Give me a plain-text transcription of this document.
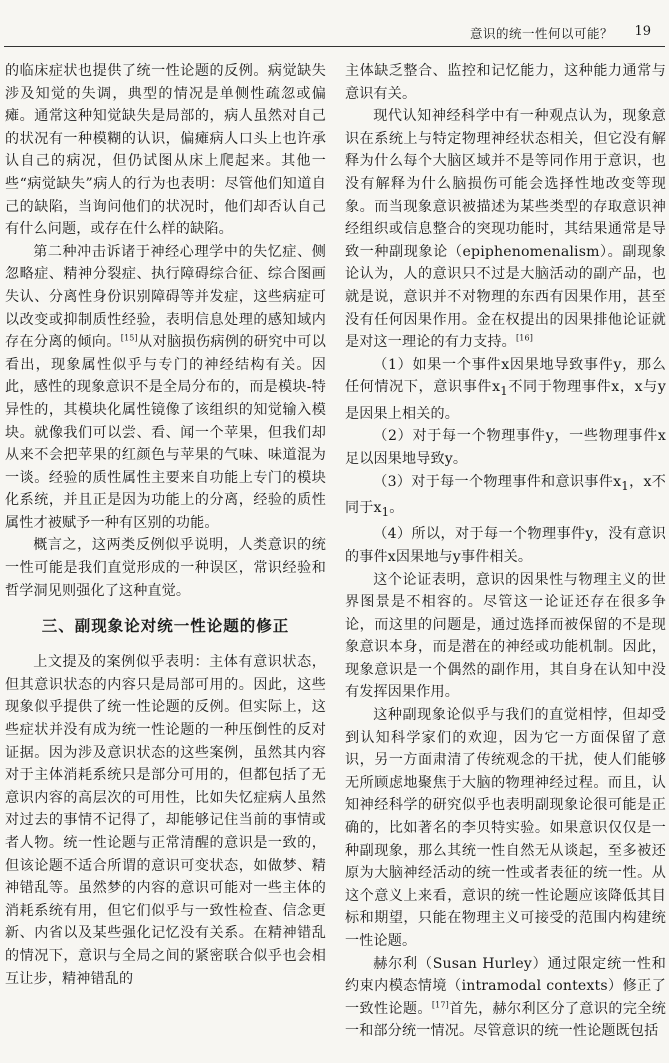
意识的统一性何以可能？ 19

的临床症状也提供了统一性论题的反例。病觉缺失涉及知觉的失调，典型的情况是单侧性疏忽或偏瘫。通常这种知觉缺失是局部的，病人虽然对自己的状况有一种模糊的认识，偏瘫病人口头上也许承认自己的病况，但仍试图从床上爬起来。其他一些“病觉缺失”病人的行为也表明：尽管他们知道自己的缺陷，当询问他们的状况时，他们却否认自己有什么问题，或存在什么样的缺陷。

第二种冲击诉诸于神经心理学中的失忆症、侧忽略症、精神分裂症、执行障碍综合征、综合图画失认、分离性身份识别障碍等并发症，这些病症可以改变或抑制质性经验，表明信息处理的感知域内存在分离的倾向。[15]从对脑损伤病例的研究中可以看出，现象属性似乎与专门的神经结构有关。因此，感性的现象意识不是全局分布的，而是模块-特异性的，其模块化属性镜像了该组织的知觉输入模块。就像我们可以尝、看、闻一个苹果，但我们却从来不会把苹果的红颜色与苹果的气味、味道混为一谈。经验的质性属性主要来自功能上专门的模块化系统，并且正是因为功能上的分离，经验的质性属性才被赋予一种有区别的功能。

概言之，这两类反例似乎说明，人类意识的统一性可能是我们直觉形成的一种误区，常识经验和哲学洞见则强化了这种直觉。

三、副现象论对统一性论题的修正

上文提及的案例似乎表明：主体有意识状态，但其意识状态的内容只是局部可用的。因此，这些现象似乎提供了统一性论题的反例。但实际上，这些症状并没有成为统一性论题的一种压倒性的反对证据。因为涉及意识状态的这些案例，虽然其内容对于主体消耗系统只是部分可用的，但都包括了无意识内容的高层次的可用性，比如失忆症病人虽然对过去的事情不记得了，却能够记住当前的事情或者人物。统一性论题与正常清醒的意识是一致的，但该论题不适合所谓的意识可变状态，如做梦、精神错乱等。虽然梦的内容的意识可能对一些主体的消耗系统有用，但它们似乎与一致性检查、信念更新、内省以及某些强化记忆没有关系。在精神错乱的情况下，意识与全局之间的紧密联合似乎也会相互让步，精神错乱的

主体缺乏整合、监控和记忆能力，这种能力通常与意识有关。

现代认知神经科学中有一种观点认为，现象意识在系统上与特定物理神经状态相关，但它没有解释为什么每个大脑区域并不是等同作用于意识，也没有解释为什么脑损伤可能会选择性地改变等现象。而当现象意识被描述为某些类型的存取意识神经组织或信息整合的突现功能时，其结果通常是导致一种副现象论（epiphenomenalism）。副现象论认为，人的意识只不过是大脑活动的副产品，也就是说，意识并不对物理的东西有因果作用，甚至没有任何因果作用。金在权提出的因果排他论证就是对这一理论的有力支持。[16]

（1）如果一个事件x因果地导致事件y，那么任何情况下，意识事件$x_1$不同于物理事件x，x与y是因果上相关的。

（2）对于每一个物理事件y，一些物理事件x足以因果地导致y。

（3）对于每一个物理事件和意识事件$x_1$，x不同于$x_1$。

（4）所以，对于每一个物理事件y，没有意识的事件x因果地与y事件相关。

这个论证表明，意识的因果性与物理主义的世界图景是不相容的。尽管这一论证还存在很多争论，而这里的问题是，通过选择而被保留的不是现象意识本身，而是潜在的神经或功能机制。因此，现象意识是一个偶然的副作用，其自身在认知中没有发挥因果作用。

这种副现象论似乎与我们的直觉相悖，但却受到认知科学家们的欢迎，因为它一方面保留了意识，另一方面肃清了传统观念的干扰，使人们能够无所顾虑地聚焦于大脑的物理神经过程。而且，认知神经科学的研究似乎也表明副现象论很可能是正确的，比如著名的李贝特实验。如果意识仅仅是一种副现象，那么其统一性自然无从谈起，至多被还原为大脑神经活动的统一性或者表征的统一性。从这个意义上来看，意识的统一性论题应该降低其目标和期望，只能在物理主义可接受的范围内构建统一性论题。

赫尔利（Susan Hurley）通过限定统一性和约束内模态情境（intramodal contexts）修正了一致性论题。[17]首先，赫尔利区分了意识的完全统一和部分统一情况。尽管意识的统一性论题既包括
